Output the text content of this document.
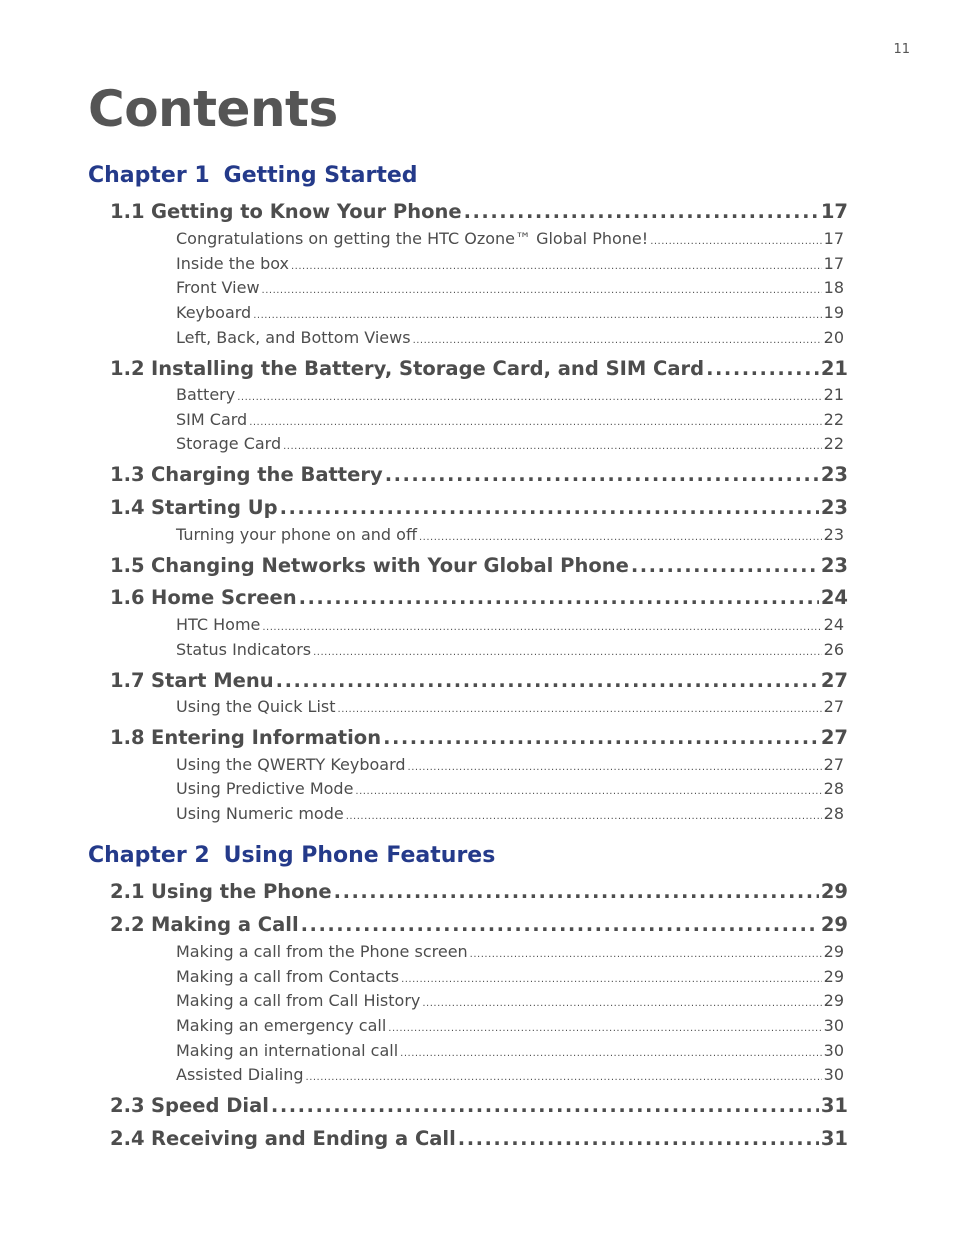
11
Contents
Chapter 1 Getting Started
1.1 Getting to Know Your Phone .....	17
Congratulations on getting the HTC Ozone™ Global Phone! .....	17
Inside the box .....	17
Front View .....	18
Keyboard .....	19
Left, Back, and Bottom Views .....	20
1.2 Installing the Battery, Storage Card, and SIM Card .....	21
Battery .....	21
SIM Card .....	22
Storage Card .....	22
1.3 Charging the Battery .....	23
1.4 Starting Up .....	23
Turning your phone on and off .....	23
1.5 Changing Networks with Your Global Phone .....	23
1.6 Home Screen .....	24
HTC Home .....	24
Status Indicators .....	26
1.7 Start Menu .....	27
Using the Quick List .....	27
1.8 Entering Information .....	27
Using the QWERTY Keyboard .....	27
Using Predictive Mode .....	28
Using Numeric mode .....	28
Chapter 2 Using Phone Features
2.1 Using the Phone .....	29
2.2 Making a Call .....	29
Making a call from the Phone screen .....	29
Making a call from Contacts .....	29
Making a call from Call History .....	29
Making an emergency call .....	30
Making an international call .....	30
Assisted Dialing .....	30
2.3 Speed Dial .....	31
2.4 Receiving and Ending a Call .....	31
